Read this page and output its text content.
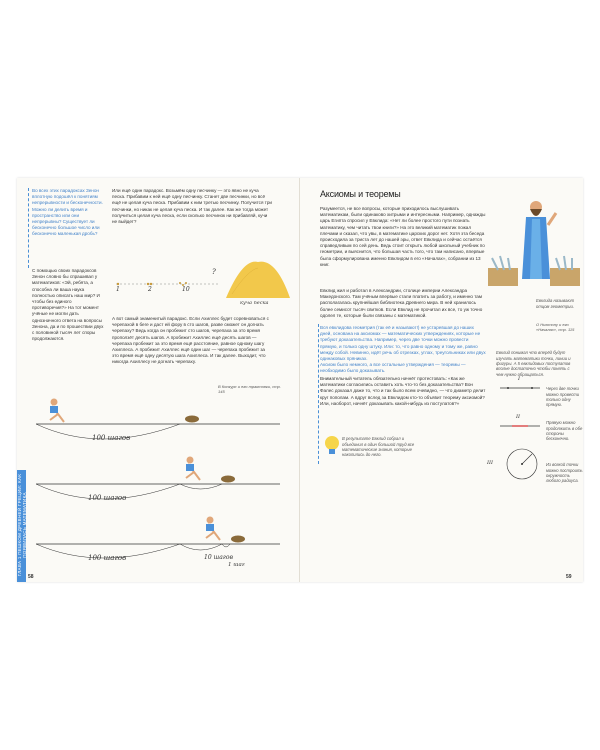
Во всех этих парадоксах Зенон ⁠ вплотную подошёл к понятиям непрерывности и бесконечности. Можно ли делить время и пространство или они непрерывны? Существует ли бесконечно большое число или бесконечно маленькая дробь?

С помощью своих парадоксов Зенон словно бы спрашивал у математиков: «Эй, ребята, а способна ли ваша наука полностью описать наш мир? И чтобы без единого противоречия?» На тот момент учёные не могли дать однозначного ответа на вопросы Зенона, да и по прошествии двух с половиной тысяч лет споры продолжаются.

Или ещё один парадокс. Возьмём одну песчинку — это явно не куча песка. Прибавим к ней ещё одну песчинку. Станет две песчинки, но всё ещё не целая куча песка. Прибавим к ним третью песчинку. Получится три песчинки, но никак не целая куча песка. И так далее. Как же тогда может получиться целая куча песка, если сколько песчинок ни прибавляй, кучи не выйдет?

1	2	10
?
куча песка

А вот самый знаменитый парадокс. Если Ахиллес будет соревноваться с черепахой в беге и даст ей фору в сто шагов, разве сможет он догнать черепаху? Ведь когда он пробежит сто шагов, черепаха за это время проползёт десять шагов. А пробежит Ахиллес ещё десять шагов — черепаха пробежит за это время ещё расстояние, равное одному шагу Ахиллеса. А пробежит Ахиллес ещё один шаг — черепаха пробежит за это время ещё одну десятую шага Ахиллеса. И так далее. Выходит, что никогда Ахиллесу не догнать черепаху.

В Конкурс и его трактовки, стр. 145
100 шагов
100 шагов
100 шагов	10 шагов
1 шаг
ГЛАВА 1 ПЕШКОМ ДРЕВНЕЙ ГРЕЦИИ: КАК ПОЯВИЛАСЬ МАТЕМАТИКА
58
Аксиомы и теоремы

Разумеется, не все вопросы, которые приходилось выслушивать математикам, были одинаково хитрыми и интересными. Например, однажды царь Египта спросил у Евклида: «Нет ли более простого пути познать математику, чем читать твои книги?» На это великий математик пожал плечами и сказал, что увы, в математике царских дорог нет. Хотя эта беседа происходила за триста лет до нашей эры, ответ Евклида и сейчас остаётся справедливым по сей день. Ведь стоит открыть любой школьный учебник по геометрии, и выяснится, что большая часть того, что там написано, впервые была сформулирована именно Евклидом в его «Началах», собрании из 13 книг.

Евклид жил и работал в Александрии, столице империи Александра Македонского. Там учёным впервые стали платить за работу, и именно там располагалась крупнейшая библиотека Древнего мира. В ней хранилось более семисот тысяч свитков. Если Евклид не прочитал их все, то уж точно одолел те, которые были связаны с математикой.

Вся евклидова геометрия (так её и называют!) не устаревшая до наших дней, основана на аксиомах — математических утверждениях, которые не требуют доказательства. Например, через две точки можно провести прямую, и только одну штуку. Или: то, что равно одному и тому же, равно между собой. Невинно, идёт речь об отрезках, углах, треугольниках или двух одинаковых пряниках.

Аксиом было немного, а все остальные утверждения — теоремы — необходимо было доказывать.

Внимательный читатель обязательно начнёт протестовать: «Как же математики согласились оставить хоть что-то без доказательства? Вон Фалес доказал даже то, что и так было всем очевидно, — что диаметр делит круг пополам. А вдруг вслед за Евклидом кто-то объявит теорему аксиомой? Или, наоборот, начнёт доказывать какой-нибудь из постулатов?»

В результате Евклид собрал и объединил в один большой труд все математические знания, которые накопились до него.

Евклида называют отцом геометрии.

О Ньютону и его «Началах», стр. 115

Евклид понимал что вперёд будут изучать математики точки, линии и фигуры. А 5 евклидовых постулатов вполне достаточно чтобы понять с чем нужно обращаться.

I
II
III

Через две точки можно провести только одну прямую.

Прямую можно продолжить в обе стороны бесконечно.

Из всякой точки можно построить окружность любого радиуса.

59
